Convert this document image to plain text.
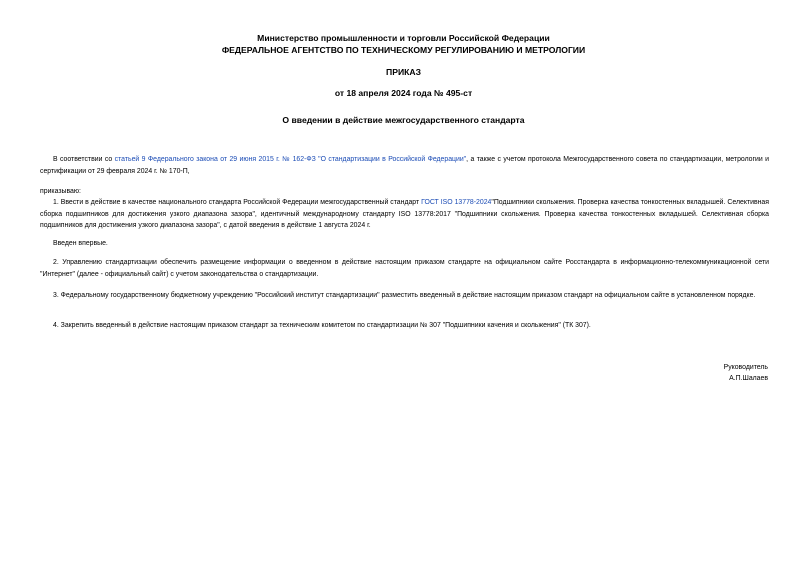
Министерство промышленности и торговли Российской Федерации
ФЕДЕРАЛЬНОЕ АГЕНТСТВО ПО ТЕХНИЧЕСКОМУ РЕГУЛИРОВАНИЮ И МЕТРОЛОГИИ
ПРИКАЗ
от 18 апреля 2024 года № 495-ст
О введении в действие межгосударственного стандарта
В соответствии со статьей 9 Федерального закона от 29 июня 2015 г. № 162-ФЗ "О стандартизации в Российской Федерации", а также с учетом протокола Межгосударственного совета по стандартизации, метрологии и сертификации от 29 февраля 2024 г. № 170-П,
приказываю:
1. Ввести в действие в качестве национального стандарта Российской Федерации межгосударственный стандарт ГОСТ ISO 13778-2024"Подшипники скольжения. Проверка качества тонкостенных вкладышей. Селективная сборка подшипников для достижения узкого диапазона зазора", идентичный международному стандарту ISO 13778:2017 "Подшипники скольжения. Проверка качества тонкостенных вкладышей. Селективная сборка подшипников для достижения узкого диапазона зазора", с датой введения в действие 1 августа 2024 г.
Введен впервые.
2. Управлению стандартизации обеспечить размещение информации о введенном в действие настоящим приказом стандарте на официальном сайте Росстандарта в информационно-телекоммуникационной сети "Интернет" (далее - официальный сайт) с учетом законодательства о стандартизации.
3. Федеральному государственному бюджетному учреждению "Российский институт стандартизации" разместить введенный в действие настоящим приказом стандарт на официальном сайте в установленном порядке.
4. Закрепить введенный в действие настоящим приказом стандарт за техническим комитетом по стандартизации № 307 "Подшипники качения и скольжения" (ТК 307).
Руководитель
А.П.Шалаев
